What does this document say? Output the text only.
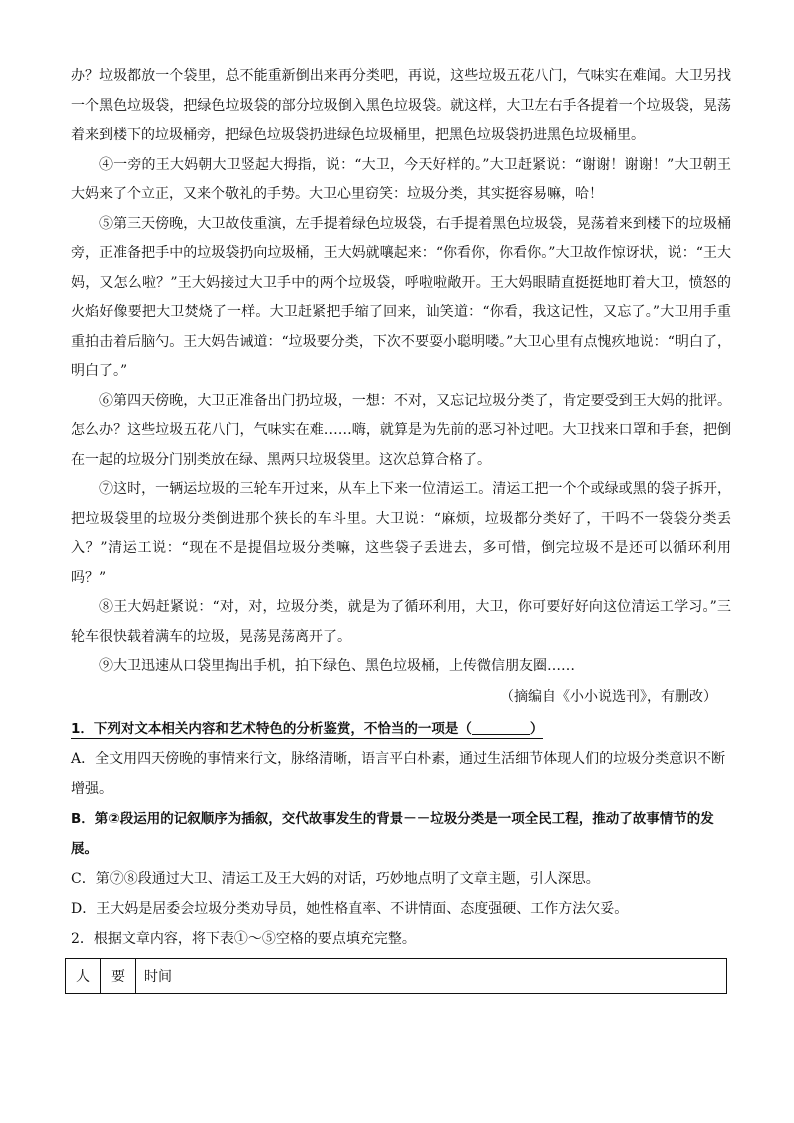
办？垃圾都放一个袋里，总不能重新倒出来再分类吧，再说，这些垃圾五花八门，气味实在难闻。大卫另找一个黑色垃圾袋，把绿色垃圾袋的部分垃圾倒入黑色垃圾袋。就这样，大卫左右手各提着一个垃圾袋，晃荡着来到楼下的垃圾桶旁，把绿色垃圾袋扔进绿色垃圾桶里，把黑色垃圾袋扔进黑色垃圾桶里。

④一旁的王大妈朝大卫竖起大拇指，说：“大卫，今天好样的。”大卫赶紧说：“谢谢！谢谢！”大卫朝王大妈来了个立正，又来个敬礼的手势。大卫心里窃笑：垃圾分类，其实挺容易嘛，哈！

⑤第三天傍晚，大卫故伎重演，左手提着绿色垃圾袋，右手提着黑色垃圾袋，晃荡着来到楼下的垃圾桶旁，正准备把手中的垃圾袋扔向垃圾桶，王大妈就嚷起来：“你看你，你看你。”大卫故作惊讶状，说：“王大妈，又怎么啦？”王大妈接过大卫手中的两个垃圾袋，呼啦啦敞开。王大妈眼睛直挺挺地盯着大卫，愤怒的火焰好像要把大卫焚烧了一样。大卫赶紧把手缩了回来，讪笑道：“你看，我这记性，又忘了。”大卫用手重重拍击着后脑勺。王大妈告诫道：“垃圾要分类，下次不要耍小聪明喽。”大卫心里有点愧疚地说：“明白了，明白了。”

⑥第四天傍晚，大卫正准备出门扔垃圾，一想：不对，又忘记垃圾分类了，肯定要受到王大妈的批评。怎么办？这些垃圾五花八门，气味实在难……嗨，就算是为先前的恶习补过吧。大卫找来口罩和手套，把倒在一起的垃圾分门别类放在绿、黑两只垃圾袋里。这次总算合格了。

⑦这时，一辆运垃圾的三轮车开过来，从车上下来一位清运工。清运工把一个个或绿或黑的袋子拆开，把垃圾袋里的垃圾分类倒进那个狭长的车斗里。大卫说：“麻烦，垃圾都分类好了，干吗不一袋袋分类丢入？”清运工说：“现在不是提倡垃圾分类嘛，这些袋子丢进去，多可惜，倒完垃圾不是还可以循环利用吗？”

⑧王大妈赶紧说：“对，对，垃圾分类，就是为了循环利用，大卫，你可要好好向这位清运工学习。”三轮车很快载着满车的垃圾，晃荡晃荡离开了。

⑨大卫迅速从口袋里掏出手机，拍下绿色、黑色垃圾桶，上传微信朋友圈……

（摘编自《小小说选刊》，有删改）

1．下列对文本相关内容和艺术特色的分析鉴赏，不恰当的一项是（	）

A．全文用四天傍晚的事情来行文，脉络清晰，语言平白朴素，通过生活细节体现人们的垃圾分类意识不断增强。

B．第②段运用的记叙顺序为插叙，交代故事发生的背景－－垃圾分类是一项全民工程，推动了故事情节的发展。

C．第⑦⑧段通过大卫、清运工及王大妈的对话，巧妙地点明了文章主题，引人深思。

D．王大妈是居委会垃圾分类劝导员，她性格直率、不讲情面、态度强硬、工作方法欠妥。

2．根据文章内容，将下表①～⑤空格的要点填充完整。

人	要	时间
